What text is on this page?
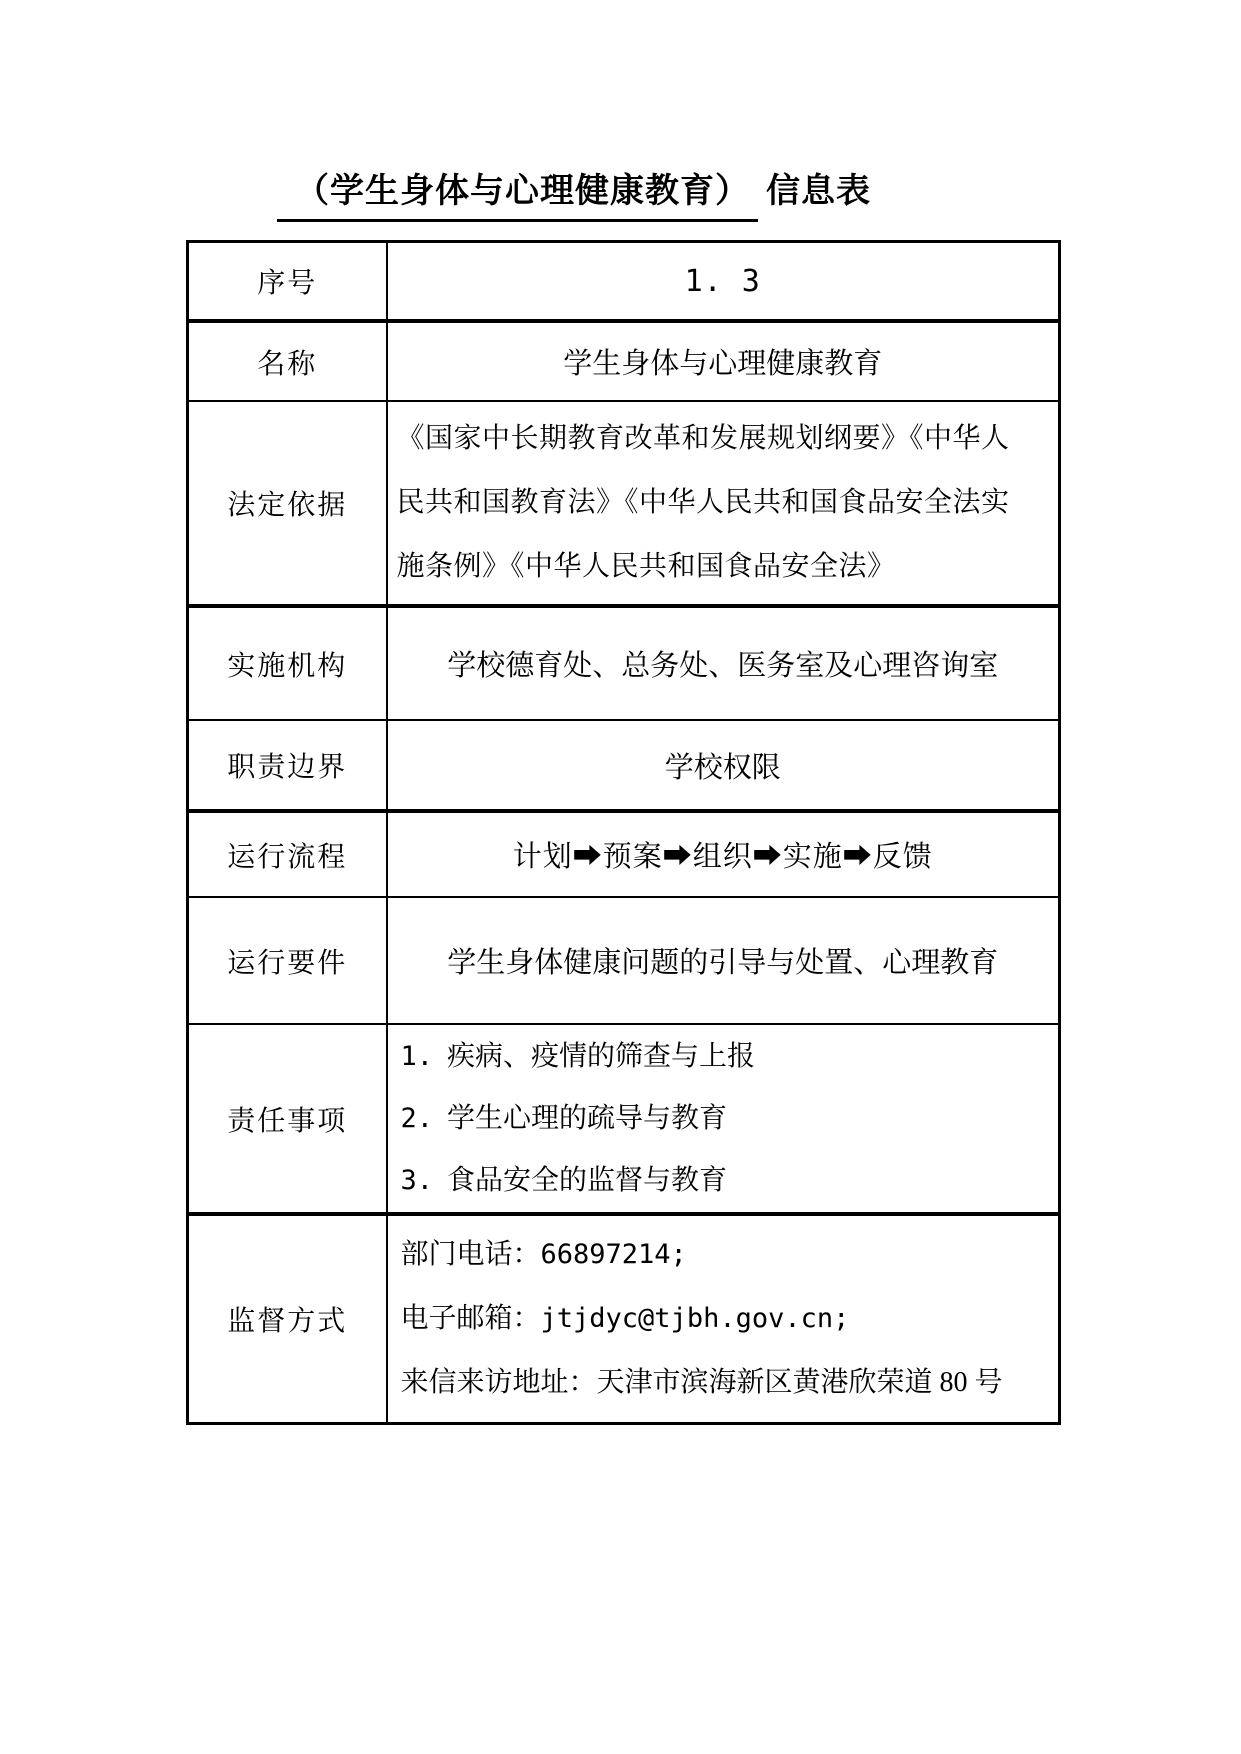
（学生身体与心理健康教育） 信息表
序号	1. 3
名称	学生身体与心理健康教育
法定依据	《国家中长期教育改革和发展规划纲要》《中华人
民共和国教育法》《中华人民共和国食品安全法实
施条例》《中华人民共和国食品安全法》

实施机构	学校德育处、总务处、医务室及心理咨询室
职责边界	学校权限
运行流程	计划➡预案➡组织➡实施➡反馈
运行要件	学生身体健康问题的引导与处置、心理教育
责任事项	1. 疾病、疫情的筛查与上报
2. 学生心理的疏导与教育
3. 食品安全的监督与教育

监督方式	部门电话：66897214;
电子邮箱：jtjdyc@tjbh.gov.cn;
来信来访地址：天津市滨海新区黄港欣荣道 80 号
